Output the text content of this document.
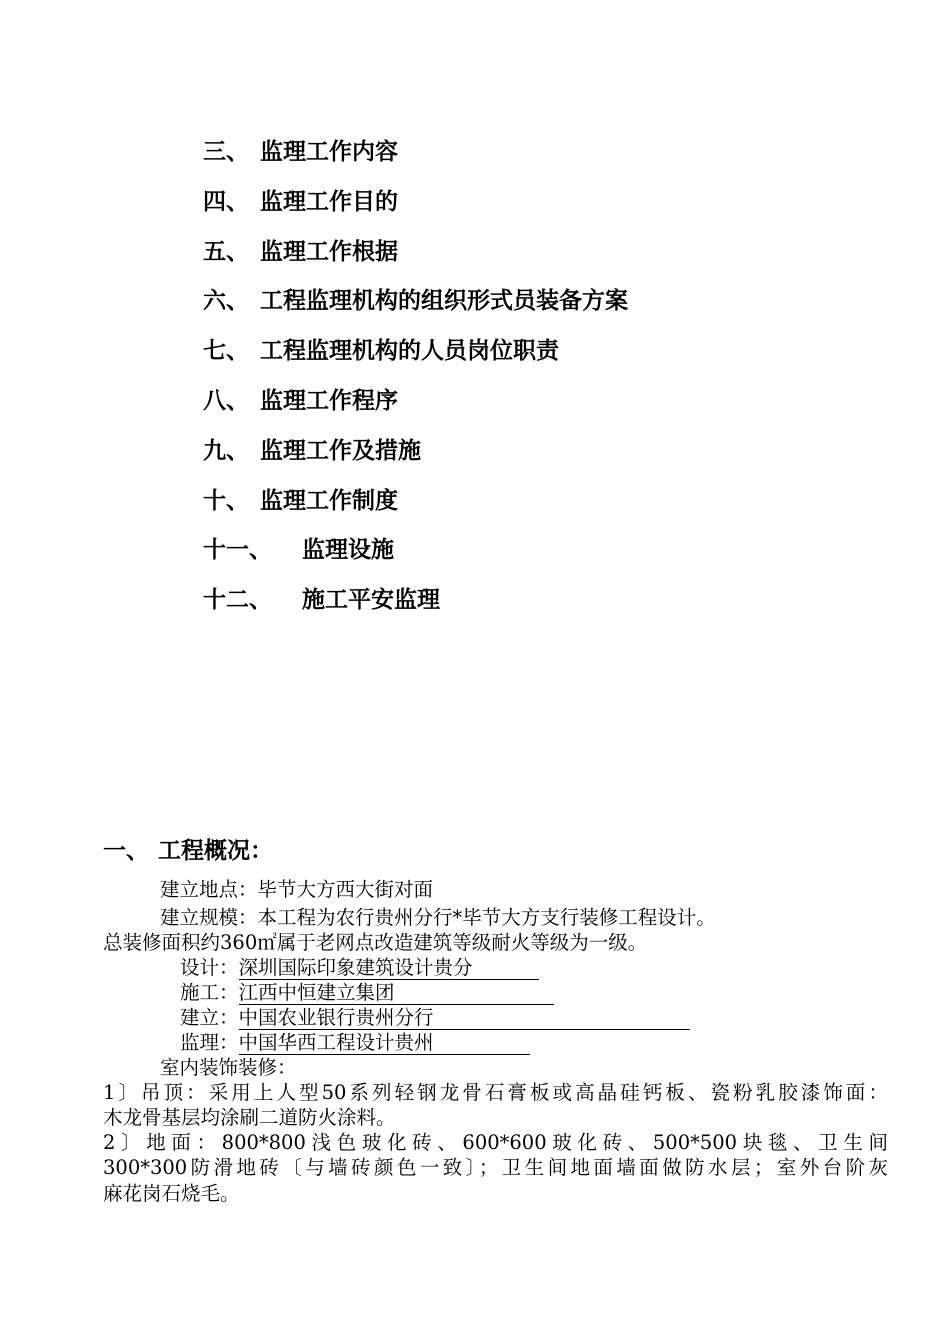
三、 监理工作内容
四、 监理工作目的
五、 监理工作根据
六、 工程监理机构的组织形式员装备方案
七、 工程监理机构的人员岗位职责
八、 监理工作程序
九、 监理工作及措施
十、 监理工作制度
十一、 监理设施
十二、 施工平安监理
一、 工程概况：
建立地点：毕节大方西大街对面
建立规模：本工程为农行贵州分行*毕节大方支行装修工程设计。
总装修面积约360㎡属于老网点改造建筑等级耐火等级为一级。
设计：深圳国际印象建筑设计贵分
施工：江西中恒建立集团
建立：中国农业银行贵州分行
监理：中国华西工程设计贵州
室内装饰装修：
1〕吊顶：采用上人型50系列轻钢龙骨石膏板或高晶硅钙板、瓷粉乳胶漆饰面：
木龙骨基层均涂刷二道防火涂料。
2〕地面：800*800浅色玻化砖、600*600玻化砖、500*500块毯、卫生间
300*300防滑地砖〔与墙砖颜色一致〕；卫生间地面墙面做防水层；室外台阶灰
麻花岗石烧毛。
